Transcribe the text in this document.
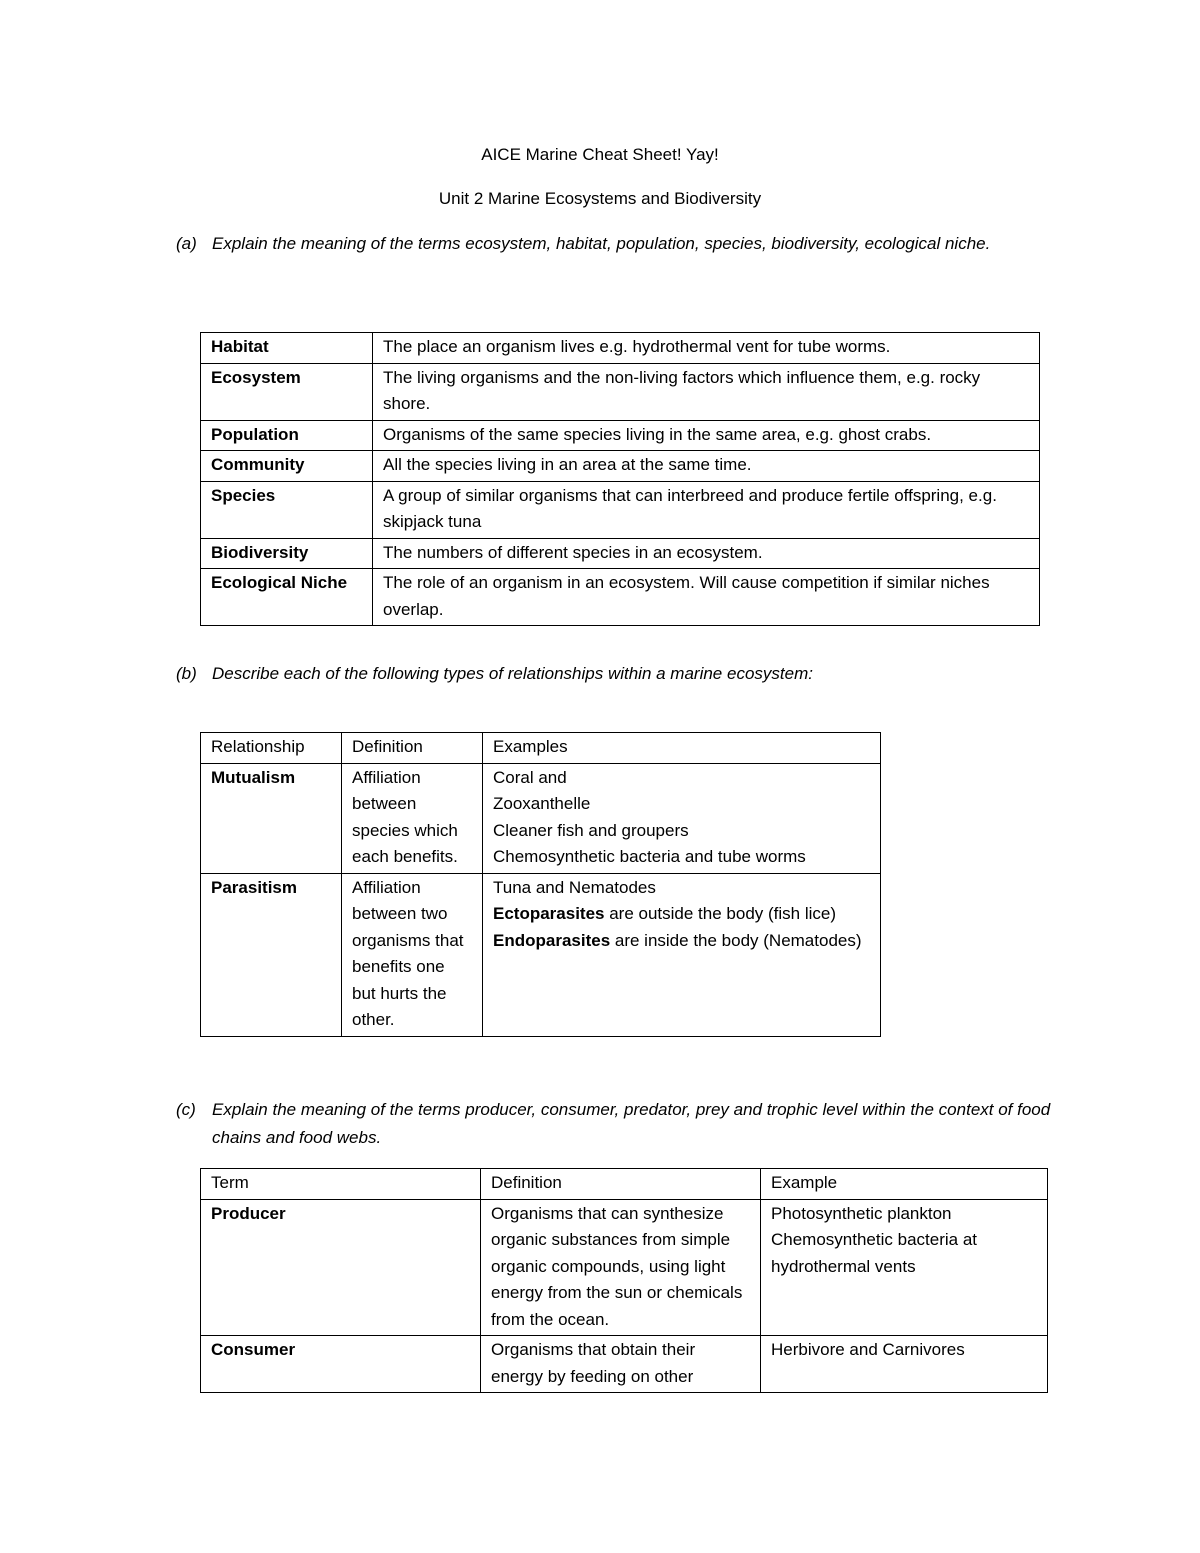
AICE Marine Cheat Sheet! Yay!
Unit 2 Marine Ecosystems and Biodiversity
(a) Explain the meaning of the terms ecosystem, habitat, population, species, biodiversity, ecological niche.
Habitat	The place an organism lives e.g. hydrothermal vent for tube worms.
Ecosystem	The living organisms and the non-living factors which influence them, e.g. rocky shore.
Population	Organisms of the same species living in the same area, e.g. ghost crabs.
Community	All the species living in an area at the same time.
Species	A group of similar organisms that can interbreed and produce fertile offspring, e.g. skipjack tuna
Biodiversity	The numbers of different species in an ecosystem.
Ecological Niche	The role of an organism in an ecosystem. Will cause competition if similar niches overlap.
(b) Describe each of the following types of relationships within a marine ecosystem:
Relationship	Definition	Examples
Mutualism	Affiliation between species which each benefits.	Coral and
Zooxanthelle
Cleaner fish and groupers
Chemosynthetic bacteria and tube worms

Parasitism	Affiliation between two organisms that benefits one but hurts the other.	Tuna and Nematodes
Ectoparasites are outside the body (fish lice)
Endoparasites are inside the body (Nematodes)
(c) Explain the meaning of the terms producer, consumer, predator, prey and trophic level within the context of food chains and food webs.
Term	Definition	Example
Producer	Organisms that can synthesize organic substances from simple organic compounds, using light energy from the sun or chemicals from the ocean.	Photosynthetic plankton
Chemosynthetic bacteria at hydrothermal vents

Consumer	Organisms that obtain their energy by feeding on other	Herbivore and Carnivores
